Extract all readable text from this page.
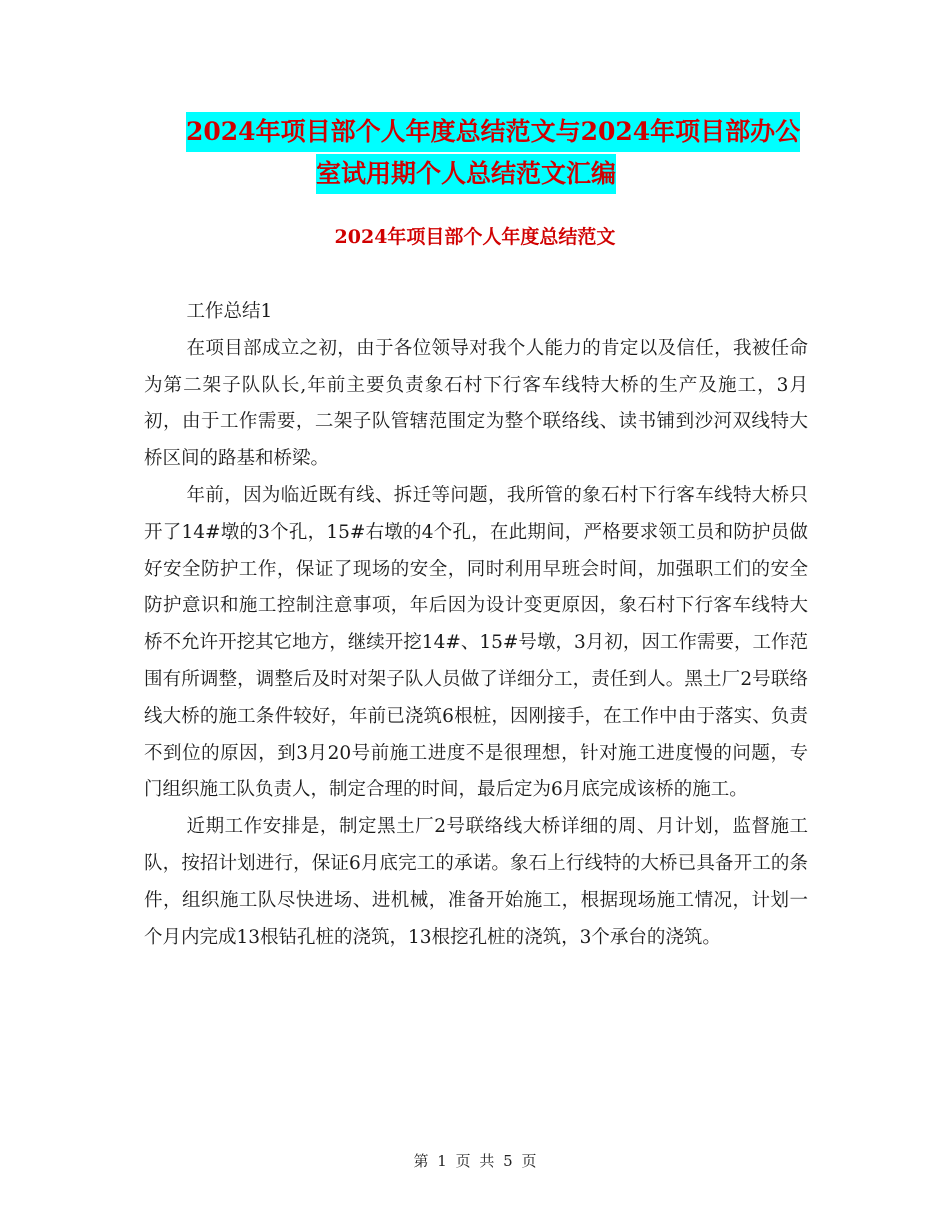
2024年项目部个人年度总结范文与2024年项目部办公
室试用期个人总结范文汇编
2024年项目部个人年度总结范文

工作总结1

在项目部成立之初，由于各位领导对我个人能力的肯定以及信任，我被任命为第二架子队队长,年前主要负责象石村下行客车线特大桥的生产及施工，3月初，由于工作需要，二架子队管辖范围定为整个联络线、读书铺到沙河双线特大桥区间的路基和桥梁。

年前，因为临近既有线、拆迁等问题，我所管的象石村下行客车线特大桥只开了14#墩的3个孔，15#右墩的4个孔，在此期间，严格要求领工员和防护员做好安全防护工作，保证了现场的安全，同时利用早班会时间，加强职工们的安全防护意识和施工控制注意事项，年后因为设计变更原因，象石村下行客车线特大桥不允许开挖其它地方，继续开挖14#、15#号墩，3月初，因工作需要，工作范围有所调整，调整后及时对架子队人员做了详细分工，责任到人。黑土厂2号联络线大桥的施工条件较好，年前已浇筑6根桩，因刚接手，在工作中由于落实、负责不到位的原因，到3月20号前施工进度不是很理想，针对施工进度慢的问题，专门组织施工队负责人，制定合理的时间，最后定为6月底完成该桥的施工。

近期工作安排是，制定黑土厂2号联络线大桥详细的周、月计划，监督施工队，按招计划进行，保证6月底完工的承诺。象石上行线特的大桥已具备开工的条件，组织施工队尽快进场、进机械，准备开始施工，根据现场施工情况，计划一个月内完成13根钻孔桩的浇筑，13根挖孔桩的浇筑，3个承台的浇筑。

第 1 页 共 5 页
